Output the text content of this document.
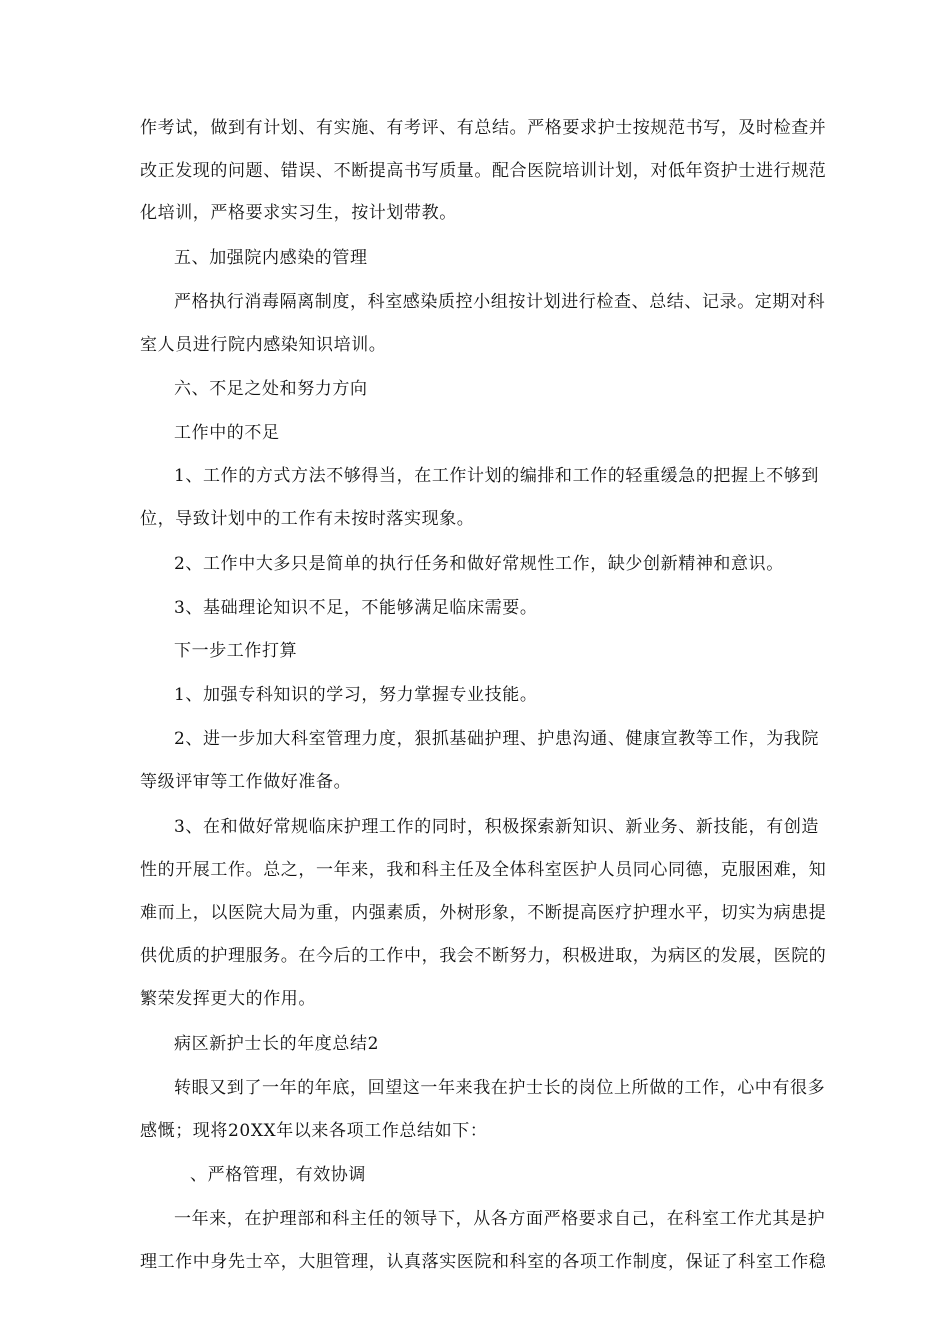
作考试，做到有计划、有实施、有考评、有总结。严格要求护士按规范书写，及时检查并

改正发现的问题、错误、不断提高书写质量。配合医院培训计划，对低年资护士进行规范

化培训，严格要求实习生，按计划带教。

五、加强院内感染的管理

严格执行消毒隔离制度，科室感染质控小组按计划进行检查、总结、记录。定期对科

室人员进行院内感染知识培训。

六、不足之处和努力方向

工作中的不足

1、工作的方式方法不够得当，在工作计划的编排和工作的轻重缓急的把握上不够到

位，导致计划中的工作有未按时落实现象。

2、工作中大多只是简单的执行任务和做好常规性工作，缺少创新精神和意识。

3、基础理论知识不足，不能够满足临床需要。

下一步工作打算

1、加强专科知识的学习，努力掌握专业技能。

2、进一步加大科室管理力度，狠抓基础护理、护患沟通、健康宣教等工作，为我院

等级评审等工作做好准备。

3、在和做好常规临床护理工作的同时，积极探索新知识、新业务、新技能，有创造

性的开展工作。总之，一年来，我和科主任及全体科室医护人员同心同德，克服困难，知

难而上，以医院大局为重，内强素质，外树形象，不断提高医疗护理水平，切实为病患提

供优质的护理服务。在今后的工作中，我会不断努力，积极进取，为病区的发展，医院的

繁荣发挥更大的作用。

病区新护士长的年度总结2

转眼又到了一年的年底，回望这一年来我在护士长的岗位上所做的工作，心中有很多

感慨；现将20XX年以来各项工作总结如下：

、严格管理，有效协调

一年来，在护理部和科主任的领导下，从各方面严格要求自己，在科室工作尤其是护

理工作中身先士卒，大胆管理，认真落实医院和科室的各项工作制度，保证了科室工作稳
